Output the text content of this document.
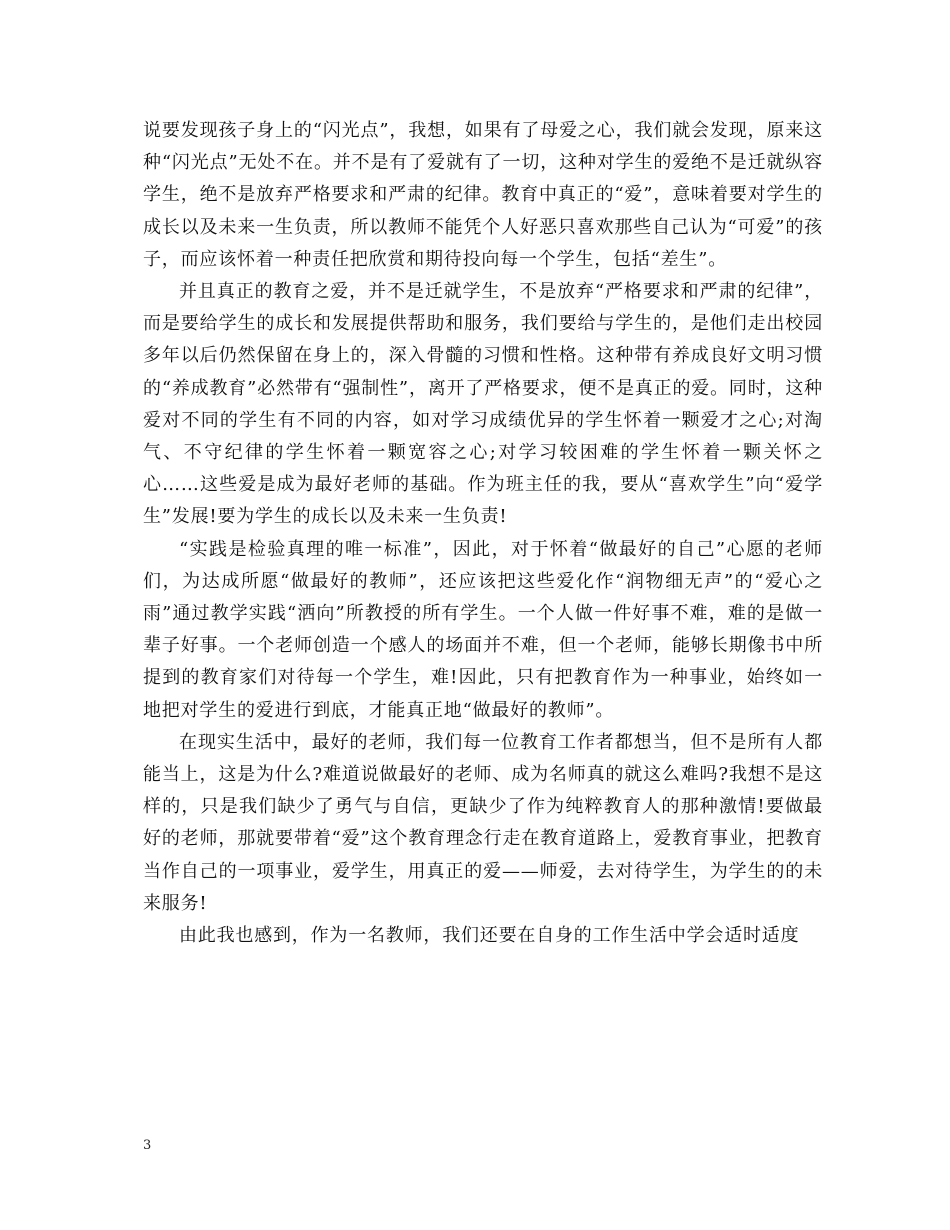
说要发现孩子身上的“闪光点”，我想，如果有了母爱之心，我们就会发现，原来这种“闪光点”无处不在。并不是有了爱就有了一切，这种对学生的爱绝不是迁就纵容学生，绝不是放弃严格要求和严肃的纪律。教育中真正的“爱”，意味着要对学生的成长以及未来一生负责，所以教师不能凭个人好恶只喜欢那些自己认为“可爱”的孩子，而应该怀着一种责任把欣赏和期待投向每一个学生，包括“差生”。

并且真正的教育之爱，并不是迁就学生，不是放弃“严格要求和严肃的纪律”，而是要给学生的成长和发展提供帮助和服务，我们要给与学生的，是他们走出校园多年以后仍然保留在身上的，深入骨髓的习惯和性格。这种带有养成良好文明习惯的“养成教育”必然带有“强制性”，离开了严格要求，便不是真正的爱。同时，这种爱对不同的学生有不同的内容，如对学习成绩优异的学生怀着一颗爱才之心;对淘气、不守纪律的学生怀着一颗宽容之心;对学习较困难的学生怀着一颗关怀之心……这些爱是成为最好老师的基础。作为班主任的我，要从“喜欢学生”向“爱学生”发展!要为学生的成长以及未来一生负责!

“实践是检验真理的唯一标准”，因此，对于怀着“做最好的自己”心愿的老师们，为达成所愿“做最好的教师”，还应该把这些爱化作“润物细无声”的“爱心之雨”通过教学实践“洒向”所教授的所有学生。一个人做一件好事不难，难的是做一辈子好事。一个老师创造一个感人的场面并不难，但一个老师，能够长期像书中所提到的教育家们对待每一个学生，难!因此，只有把教育作为一种事业，始终如一地把对学生的爱进行到底，才能真正地“做最好的教师”。

在现实生活中，最好的老师，我们每一位教育工作者都想当，但不是所有人都能当上，这是为什么?难道说做最好的老师、成为名师真的就这么难吗?我想不是这样的，只是我们缺少了勇气与自信，更缺少了作为纯粹教育人的那种激情!要做最好的老师，那就要带着“爱”这个教育理念行走在教育道路上，爱教育事业，把教育当作自己的一项事业，爱学生，用真正的爱——师爱，去对待学生，为学生的的未来服务!

由此我也感到，作为一名教师，我们还要在自身的工作生活中学会适时适度

3
